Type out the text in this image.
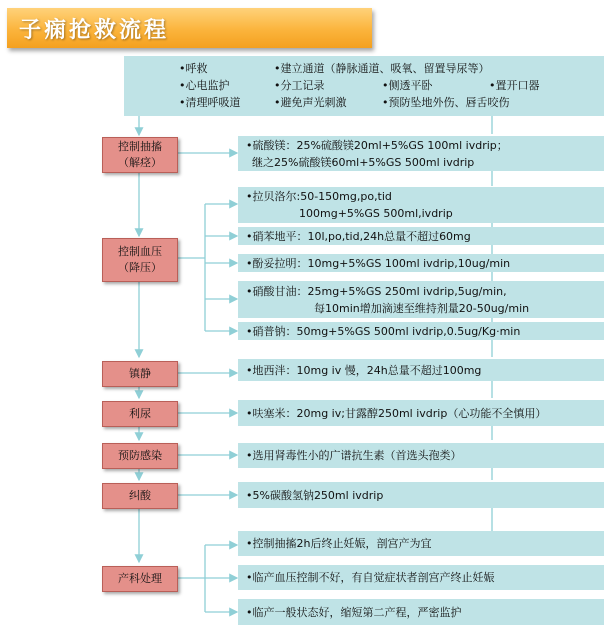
子痫抢救流程
•呼救	•建立通道（静脉通道、吸氧、留置导尿等）
•心电监护	•分工记录	•侧透平卧	•置开口器
•清理呼吸道	•避免声光刺激	•预防坠地外伤、唇舌咬伤
控制抽搐
（解痉）
控制血压
（降压）
镇静
利尿
预防感染
纠酸
产科处理
•硫酸镁：25%硫酸镁20ml+5%GS 100ml ivdrip；
继之25%硫酸镁60ml+5%GS 500ml ivdrip
•拉贝洛尔:50-150mg,po,tid
100mg+5%GS 500ml,ivdrip
•硝苯地平：10l,po,tid,24h总量不超过60mg
•酚妥拉明：10mg+5%GS 100ml ivdrip,10ug/min
•硝酸甘油：25mg+5%GS 250ml ivdrip,5ug/min,
每10min增加滴速至维持剂量20-50ug/min
•硝普钠：50mg+5%GS 500ml ivdrip,0.5ug/Kg·min
•地西泮：10mg iv 慢，24h总量不超过100mg
•呋塞米：20mg iv;甘露醇250ml ivdrip（心功能不全慎用）
•选用肾毒性小的广谱抗生素（首选头孢类）
•5%碳酸氢钠250ml ivdrip
•控制抽搐2h后终止妊娠，剖宫产为宜
•临产血压控制不好，有自觉症状者剖宫产终止妊娠
•临产一般状态好，缩短第二产程，严密监护
